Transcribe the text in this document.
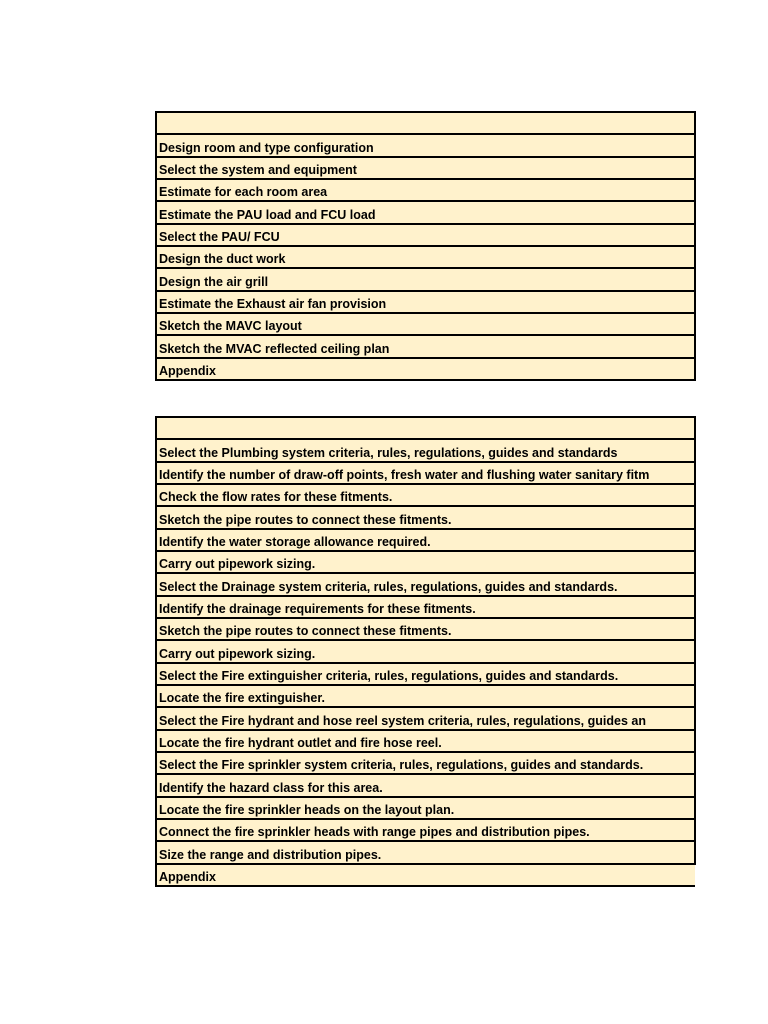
Design room and type configuration
Select the system and equipment
Estimate for each room area
Estimate the PAU load and FCU load
Select the PAU/ FCU
Design the duct work
Design the air grill
Estimate the Exhaust air fan provision
Sketch the MAVC layout
Sketch the MVAC reflected ceiling plan
Appendix

Select the Plumbing system criteria, rules, regulations, guides and standards
Identify the number of draw-off points, fresh water and flushing water sanitary fitm
Check the flow rates for these fitments.
Sketch the pipe routes to connect these fitments.
Identify the water storage allowance required.
Carry out pipework sizing.
Select the Drainage system criteria, rules, regulations, guides and standards.
Identify the drainage requirements for these fitments.
Sketch the pipe routes to connect these fitments.
Carry out pipework sizing.
Select the Fire extinguisher criteria, rules, regulations, guides and standards.
Locate the fire extinguisher.
Select the Fire hydrant and hose reel system criteria, rules, regulations, guides an
Locate the fire hydrant outlet and fire hose reel.
Select the Fire sprinkler system criteria, rules, regulations, guides and standards.
Identify the hazard class for this area.
Locate the fire sprinkler heads on the layout plan.
Connect the fire sprinkler heads with range pipes and distribution pipes.
Size the range and distribution pipes.
Appendix
